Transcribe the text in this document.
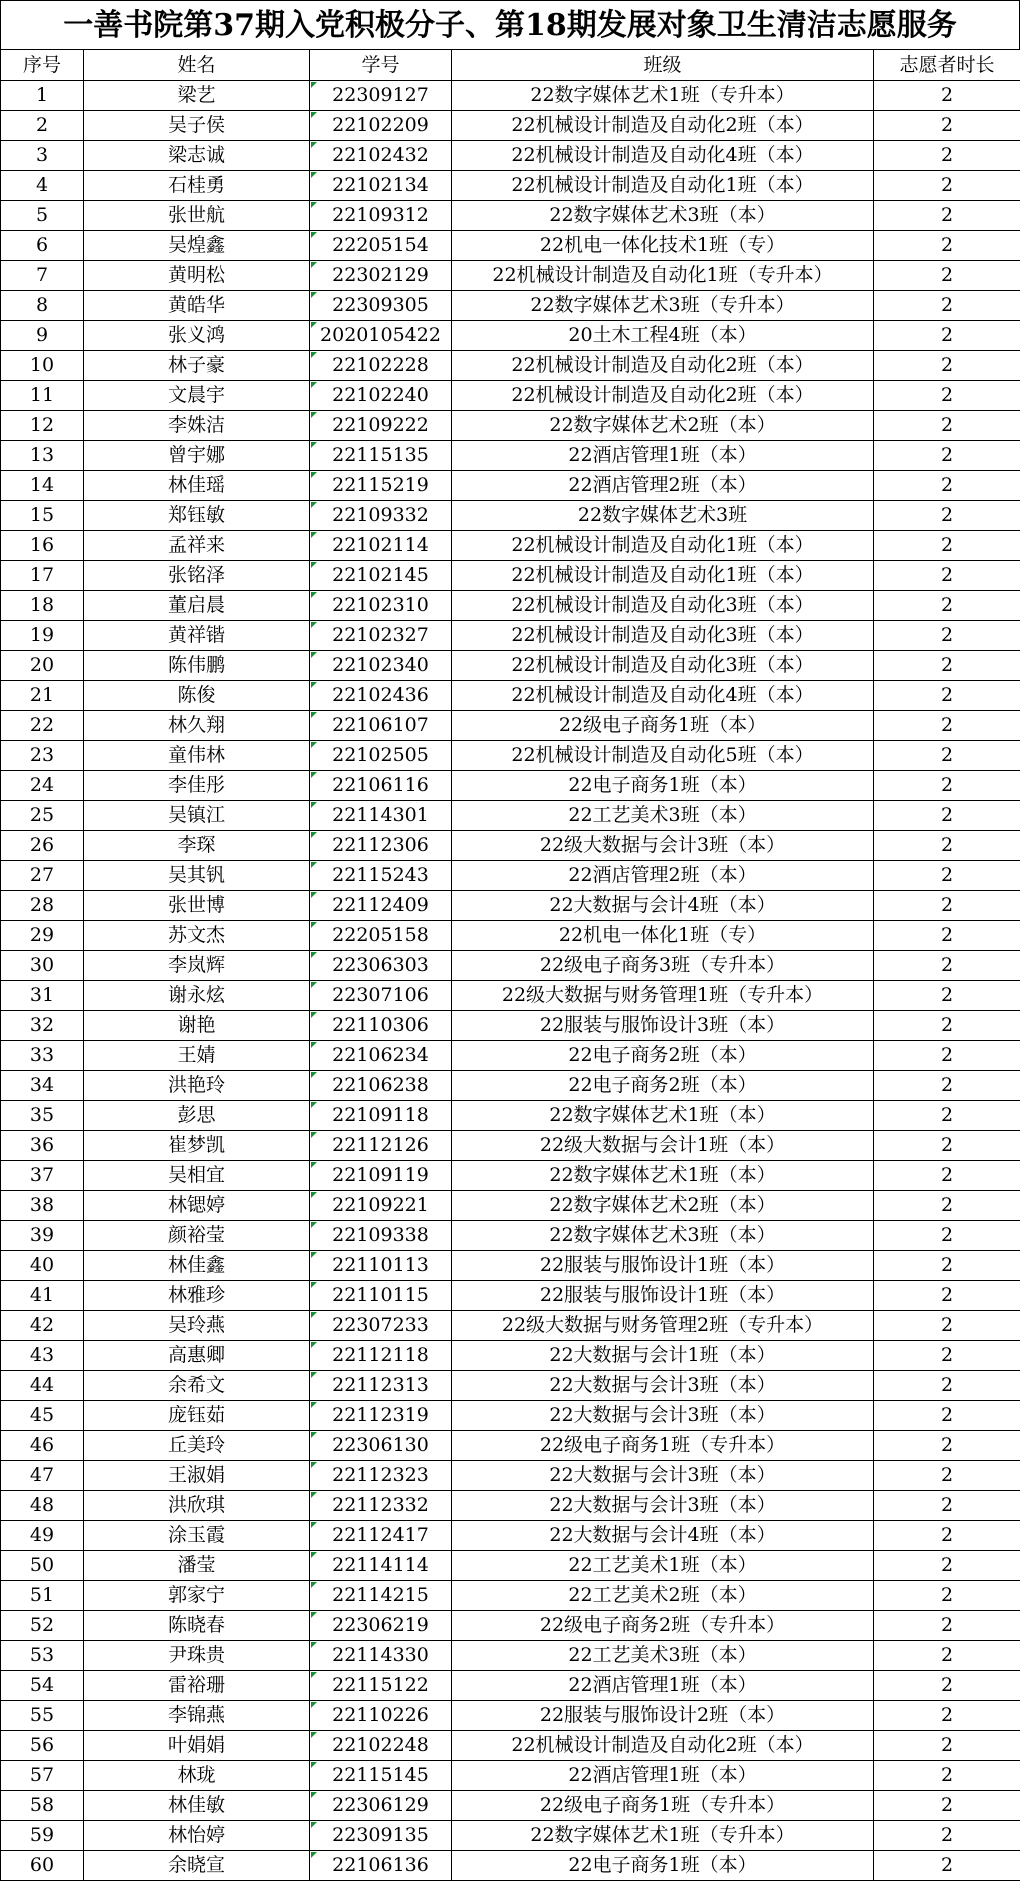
一善书院第37期入党积极分子、第18期发展对象卫生清洁志愿服务
序号	姓名	学号	班级	志愿者时长
1	梁艺	22309127	22数字媒体艺术1班（专升本）	2
2	吴子侯	22102209	22机械设计制造及自动化2班（本）	2
3	梁志诚	22102432	22机械设计制造及自动化4班（本）	2
4	石桂勇	22102134	22机械设计制造及自动化1班（本）	2
5	张世航	22109312	22数字媒体艺术3班（本）	2
6	吴煌鑫	22205154	22机电一体化技术1班（专）	2
7	黄明松	22302129	22机械设计制造及自动化1班（专升本）	2
8	黄皓华	22309305	22数字媒体艺术3班（专升本）	2
9	张义鸿	2020105422	20土木工程4班（本）	2
10	林子豪	22102228	22机械设计制造及自动化2班（本）	2
11	文晨宇	22102240	22机械设计制造及自动化2班（本）	2
12	李姝洁	22109222	22数字媒体艺术2班（本）	2
13	曾宇娜	22115135	22酒店管理1班（本）	2
14	林佳瑶	22115219	22酒店管理2班（本）	2
15	郑钰敏	22109332	22数字媒体艺术3班	2
16	孟祥来	22102114	22机械设计制造及自动化1班（本）	2
17	张铭泽	22102145	22机械设计制造及自动化1班（本）	2
18	董启晨	22102310	22机械设计制造及自动化3班（本）	2
19	黄祥锴	22102327	22机械设计制造及自动化3班（本）	2
20	陈伟鹏	22102340	22机械设计制造及自动化3班（本）	2
21	陈俊	22102436	22机械设计制造及自动化4班（本）	2
22	林久翔	22106107	22级电子商务1班（本）	2
23	童伟林	22102505	22机械设计制造及自动化5班（本）	2
24	李佳彤	22106116	22电子商务1班（本）	2
25	吴镇江	22114301	22工艺美术3班（本）	2
26	李琛	22112306	22级大数据与会计3班（本）	2
27	吴其钒	22115243	22酒店管理2班（本）	2
28	张世博	22112409	22大数据与会计4班（本）	2
29	苏文杰	22205158	22机电一体化1班（专）	2
30	李岚辉	22306303	22级电子商务3班（专升本）	2
31	谢永炫	22307106	22级大数据与财务管理1班（专升本）	2
32	谢艳	22110306	22服装与服饰设计3班（本）	2
33	王婧	22106234	22电子商务2班（本）	2
34	洪艳玲	22106238	22电子商务2班（本）	2
35	彭思	22109118	22数字媒体艺术1班（本）	2
36	崔梦凯	22112126	22级大数据与会计1班（本）	2
37	吴相宜	22109119	22数字媒体艺术1班（本）	2
38	林锶婷	22109221	22数字媒体艺术2班（本）	2
39	颜裕莹	22109338	22数字媒体艺术3班（本）	2
40	林佳鑫	22110113	22服装与服饰设计1班（本）	2
41	林雅珍	22110115	22服装与服饰设计1班（本）	2
42	吴玲燕	22307233	22级大数据与财务管理2班（专升本）	2
43	高惠卿	22112118	22大数据与会计1班（本）	2
44	余希文	22112313	22大数据与会计3班（本）	2
45	庞钰茹	22112319	22大数据与会计3班（本）	2
46	丘美玲	22306130	22级电子商务1班（专升本）	2
47	王淑娟	22112323	22大数据与会计3班（本）	2
48	洪欣琪	22112332	22大数据与会计3班（本）	2
49	涂玉霞	22112417	22大数据与会计4班（本）	2
50	潘莹	22114114	22工艺美术1班（本）	2
51	郭家宁	22114215	22工艺美术2班（本）	2
52	陈晓春	22306219	22级电子商务2班（专升本）	2
53	尹珠贵	22114330	22工艺美术3班（本）	2
54	雷裕珊	22115122	22酒店管理1班（本）	2
55	李锦燕	22110226	22服装与服饰设计2班（本）	2
56	叶娟娟	22102248	22机械设计制造及自动化2班（本）	2
57	林珑	22115145	22酒店管理1班（本）	2
58	林佳敏	22306129	22级电子商务1班（专升本）	2
59	林怡婷	22309135	22数字媒体艺术1班（专升本）	2
60	余晓宣	22106136	22电子商务1班（本）	2
